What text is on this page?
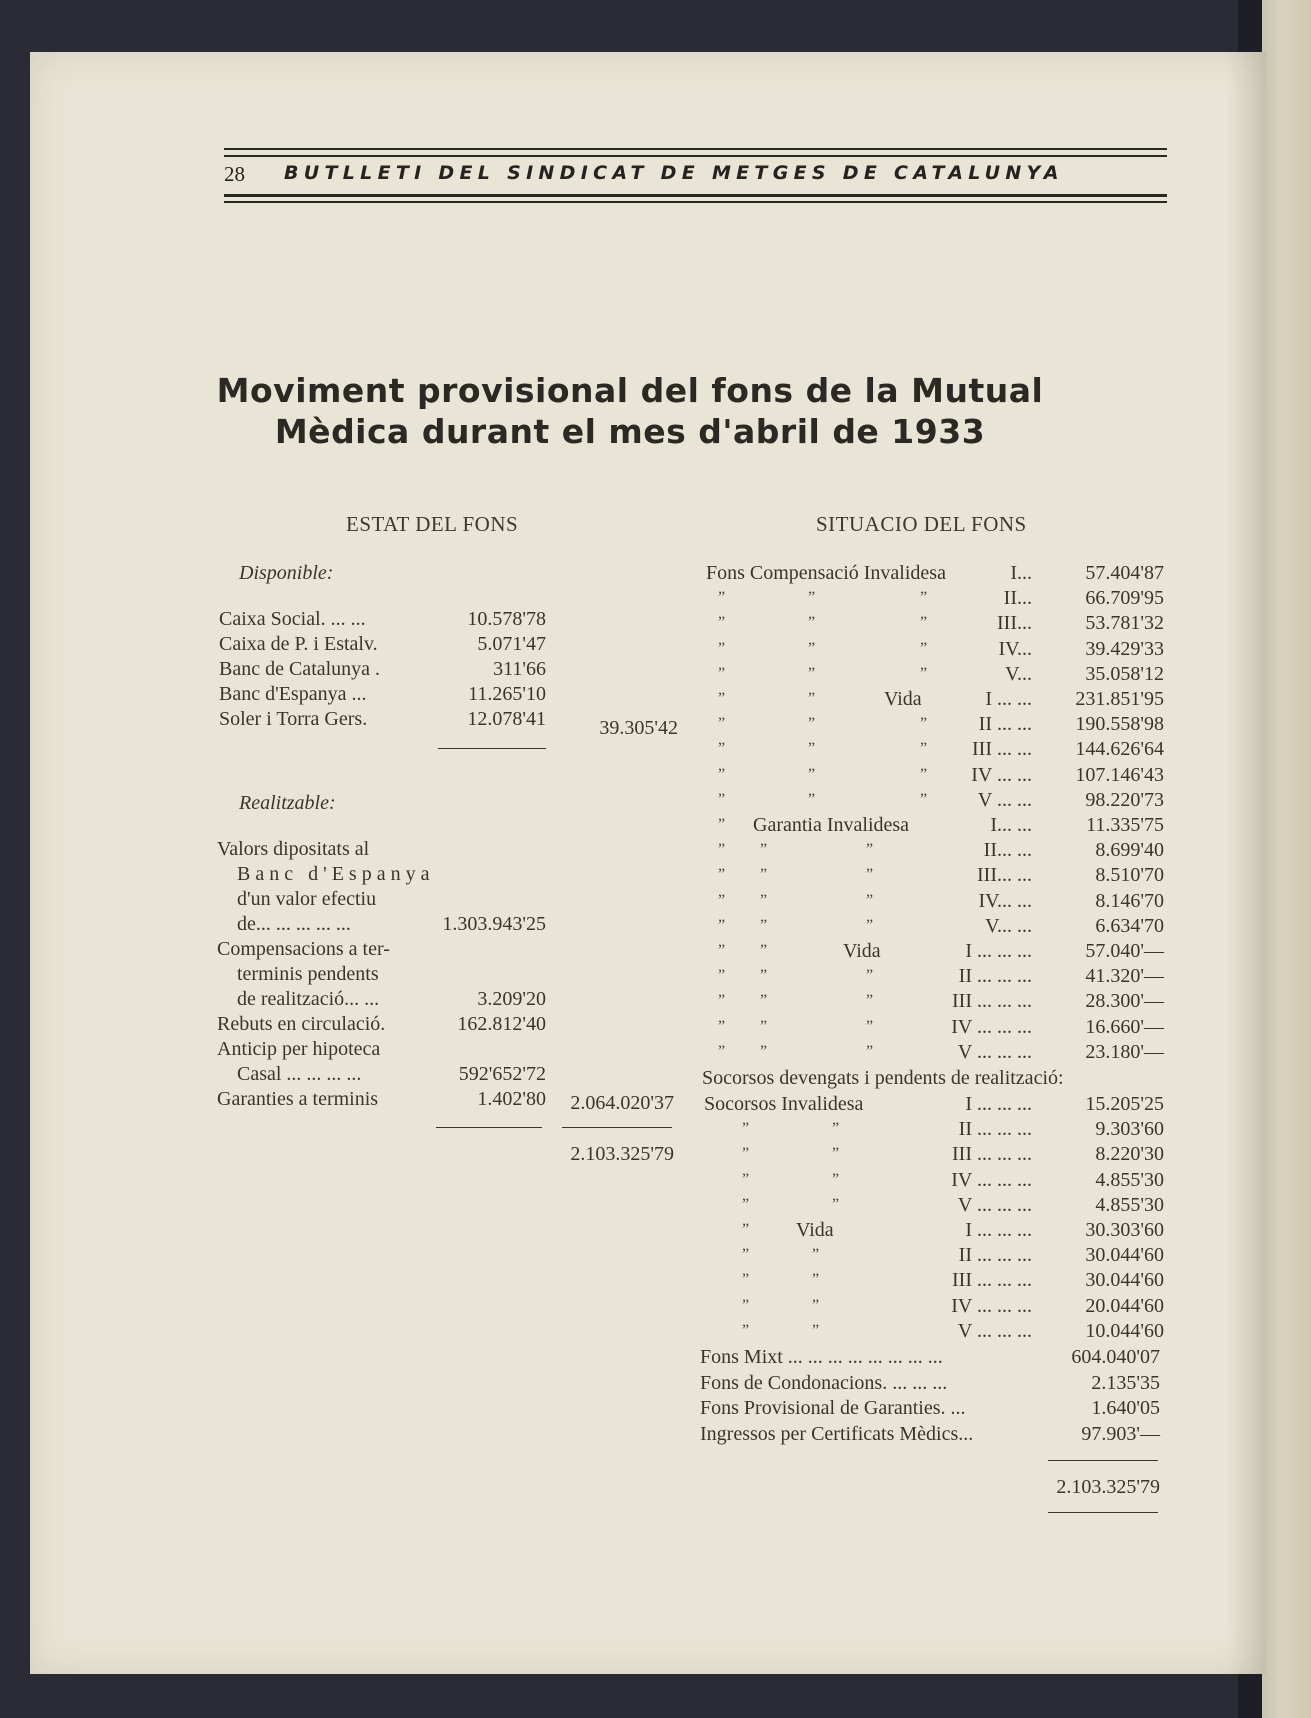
28 BUTLLETI DEL SINDICAT DE METGES DE CATALUNYA
Moviment provisional del fons de la Mutual
Mèdica durant el mes d'abril de 1933
ESTAT DEL FONS	SITUACIO DEL FONS
Disponible:
Caixa Social. ... ...	10.578'78
Caixa de P. i Estalv.	5.071'47
Banc de Catalunya .	311'66
Banc d'Espanya ...	11.265'10
Soler i Torra Gers.	12.078'41	39.305'42
Realitzable:
Valors dipositats al
Banc d'Espanya
d'un valor efectiu
de... ... ... ... ...	1.303.943'25
Compensacions a ter-
terminis pendents
de realització... ...	3.209'20
Rebuts en circulació.	162.812'40
Anticip per hipoteca
Casal ... ... ... ...	592'652'72
Garanties a terminis	1.402'80	2.064.020'37
2.103.325'79
Fons Compensació Invalidesa	I...	57.404'87
”	”	”	II...	66.709'95
”	”	”	III...	53.781'32
”	”	”	IV...	39.429'33
”	”	”	V...	35.058'12
”	”	Vida	I ... ...	231.851'95
”	”	”	II ... ...	190.558'98
”	”	”	III ... ...	144.626'64
”	”	”	IV ... ...	107.146'43
”	”	”	V ... ...	98.220'73
” Garantia Invalidesa	I... ...	11.335'75
” ”	”	II... ...	8.699'40
” ”	”	III... ...	8.510'70
” ”	”	IV... ...	8.146'70
” ”	”	V... ...	6.634'70
” ”	Vida	I ... ... ...	57.040'—
” ”	”	II ... ... ...	41.320'—
” ”	”	III ... ... ...	28.300'—
” ”	”	IV ... ... ...	16.660'—
” ”	”	V ... ... ...	23.180'—
Socorsos devengats i pendents de realització:
Socorsos Invalidesa	I ... ... ...	15.205'25
”	”	II ... ... ...	9.303'60
”	”	III ... ... ...	8.220'30
”	”	IV ... ... ...	4.855'30
”	”	V ... ... ...	4.855'30
” Vida	I ... ... ...	30.303'60
”	”	II ... ... ...	30.044'60
”	”	III ... ... ...	30.044'60
”	”	IV ... ... ...	20.044'60
”	”	V ... ... ...	10.044'60
Fons Mixt ... ... ... ... ... ... ... ...	604.040'07
Fons de Condonacions. ... ... ...	2.135'35
Fons Provisional de Garanties. ...	1.640'05
Ingressos per Certificats Mèdics...	97.903'—
2.103.325'79
